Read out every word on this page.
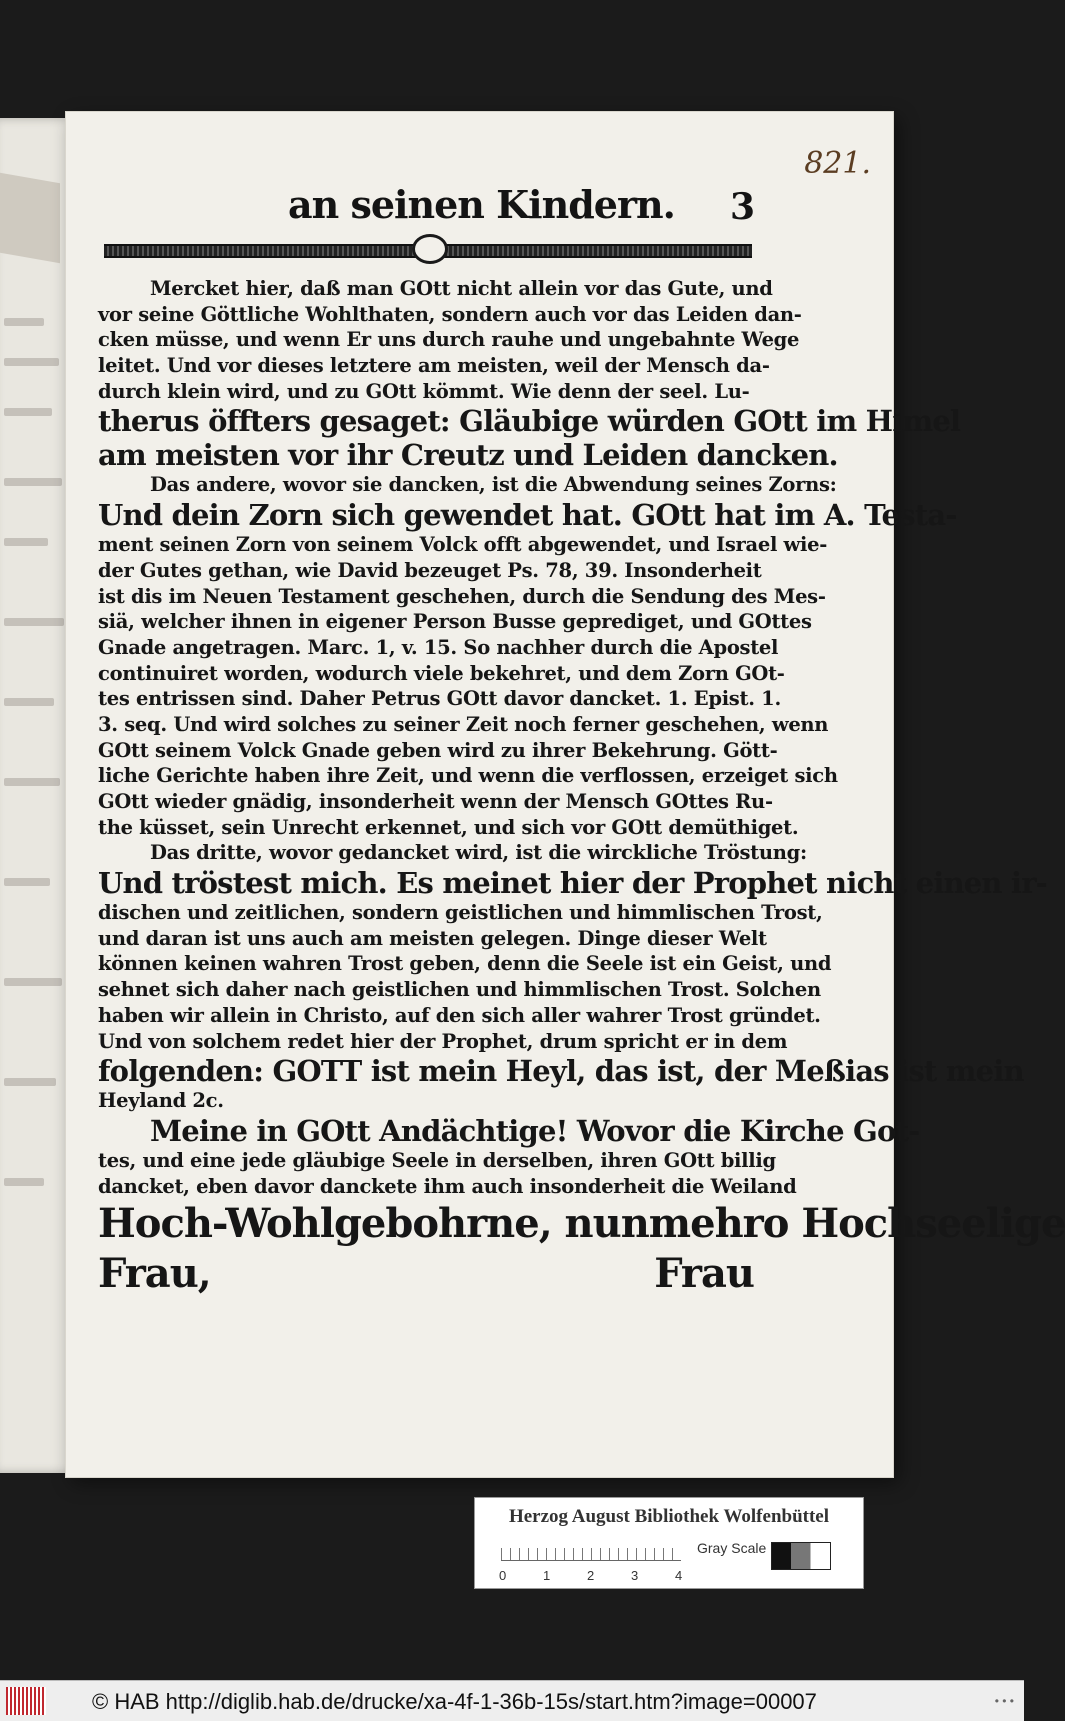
821.
an seinen Kindern. 3
Mercket hier, daß man GOtt nicht allein vor das Gute, und
vor seine Göttliche Wohlthaten, sondern auch vor das Leiden dan-
cken müsse, und wenn Er uns durch rauhe und ungebahnte Wege
leitet. Und vor dieses letztere am meisten, weil der Mensch da-
durch klein wird, und zu GOtt kömmt. Wie denn der seel. Lu-
therus öffters gesaget: Gläubige würden GOtt im Himel
am meisten vor ihr Creutz und Leiden dancken.
Das andere, wovor sie dancken, ist die Abwendung seines Zorns:
Und dein Zorn sich gewendet hat. GOtt hat im A. Testa-
ment seinen Zorn von seinem Volck offt abgewendet, und Israel wie-
der Gutes gethan, wie David bezeuget Ps. 78, 39. Insonderheit
ist dis im Neuen Testament geschehen, durch die Sendung des Mes-
siä, welcher ihnen in eigener Person Busse geprediget, und GOttes
Gnade angetragen. Marc. 1, v. 15. So nachher durch die Apostel
continuiret worden, wodurch viele bekehret, und dem Zorn GOt-
tes entrissen sind. Daher Petrus GOtt davor dancket. 1. Epist. 1.
3. seq. Und wird solches zu seiner Zeit noch ferner geschehen, wenn
GOtt seinem Volck Gnade geben wird zu ihrer Bekehrung. Gött-
liche Gerichte haben ihre Zeit, und wenn die verflossen, erzeiget sich
GOtt wieder gnädig, insonderheit wenn der Mensch GOttes Ru-
the küsset, sein Unrecht erkennet, und sich vor GOtt demüthiget.
Das dritte, wovor gedancket wird, ist die wirckliche Tröstung:
Und tröstest mich. Es meinet hier der Prophet nicht einen ir-
dischen und zeitlichen, sondern geistlichen und himmlischen Trost,
und daran ist uns auch am meisten gelegen. Dinge dieser Welt
können keinen wahren Trost geben, denn die Seele ist ein Geist, und
sehnet sich daher nach geistlichen und himmlischen Trost. Solchen
haben wir allein in Christo, auf den sich aller wahrer Trost gründet.
Und von solchem redet hier der Prophet, drum spricht er in dem
folgenden: GOTT ist mein Heyl, das ist, der Meßias ist mein
Heyland 2c.
Meine in GOtt Andächtige! Wovor die Kirche Got-
tes, und eine jede gläubige Seele in derselben, ihren GOtt billig
dancket, eben davor danckete ihm auch insonderheit die Weiland
Hoch-Wohlgebohrne, nunmehro Hochseelige
Frau,	Frau
Herzog August Bibliothek Wolfenbüttel
0	1	2	3	4
Gray Scale
© HAB http://diglib.hab.de/drucke/xa-4f-1-36b-15s/start.htm?image=00007	• • •
